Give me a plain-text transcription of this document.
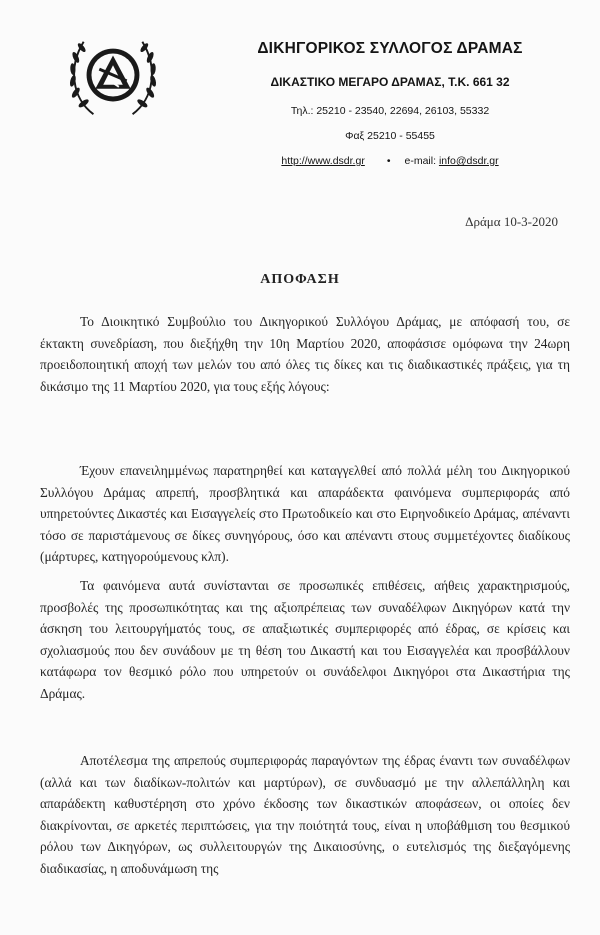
ΔΙΚΗΓΟΡΙΚΟΣ ΣΥΛΛΟΓΟΣ ΔΡΑΜΑΣ
ΔΙΚΑΣΤΙΚΟ ΜΕΓΑΡΟ ΔΡΑΜΑΣ, Τ.Κ. 661 32
Τηλ.: 25210 - 23540, 22694, 26103, 55332
Φαξ 25210 - 55455
http://www.dsdr.gr • e-mail: info@dsdr.gr
Δράμα 10-3-2020
ΑΠΟΦΑΣΗ
Το Διοικητικό Συμβούλιο του Δικηγορικού Συλλόγου Δράμας, με απόφασή του, σε έκτακτη συνεδρίαση, που διεξήχθη την 10η Μαρτίου 2020, αποφάσισε ομόφωνα την 24ωρη προειδοποιητική αποχή των μελών του από όλες τις δίκες και τις διαδικαστικές πράξεις, για τη δικάσιμο της 11 Μαρτίου 2020, για τους εξής λόγους:
Έχουν επανειλημμένως παρατηρηθεί και καταγγελθεί από πολλά μέλη του Δικηγορικού Συλλόγου Δράμας απρεπή, προσβλητικά και απαράδεκτα φαινόμενα συμπεριφοράς από υπηρετούντες Δικαστές και Εισαγγελείς στο Πρωτοδικείο και στο Ειρηνοδικείο Δράμας, απέναντι τόσο σε παριστάμενους σε δίκες συνηγόρους, όσο και απέναντι στους συμμετέχοντες διαδίκους (μάρτυρες, κατηγορούμενους κλπ).
Τα φαινόμενα αυτά συνίστανται σε προσωπικές επιθέσεις, αήθεις χαρακτηρισμούς, προσβολές της προσωπικότητας και της αξιοπρέπειας των συναδέλφων Δικηγόρων κατά την άσκηση του λειτουργήματός τους, σε απαξιωτικές συμπεριφορές από έδρας, σε κρίσεις και σχολιασμούς που δεν συνάδουν με τη θέση του Δικαστή και του Εισαγγελέα και προσβάλλουν κατάφωρα τον θεσμικό ρόλο που υπηρετούν οι συνάδελφοι Δικηγόροι στα Δικαστήρια της Δράμας.
Αποτέλεσμα της απρεπούς συμπεριφοράς παραγόντων της έδρας έναντι των συναδέλφων (αλλά και των διαδίκων-πολιτών και μαρτύρων), σε συνδυασμό με την αλλεπάλληλη και απαράδεκτη καθυστέρηση στο χρόνο έκδοσης των δικαστικών αποφάσεων, οι οποίες δεν διακρίνονται, σε αρκετές περιπτώσεις, για την ποιότητά τους, είναι η υποβάθμιση του θεσμικού ρόλου των Δικηγόρων, ως συλλειτουργών της Δικαιοσύνης, ο ευτελισμός της διεξαγόμενης διαδικασίας, η αποδυνάμωση της
